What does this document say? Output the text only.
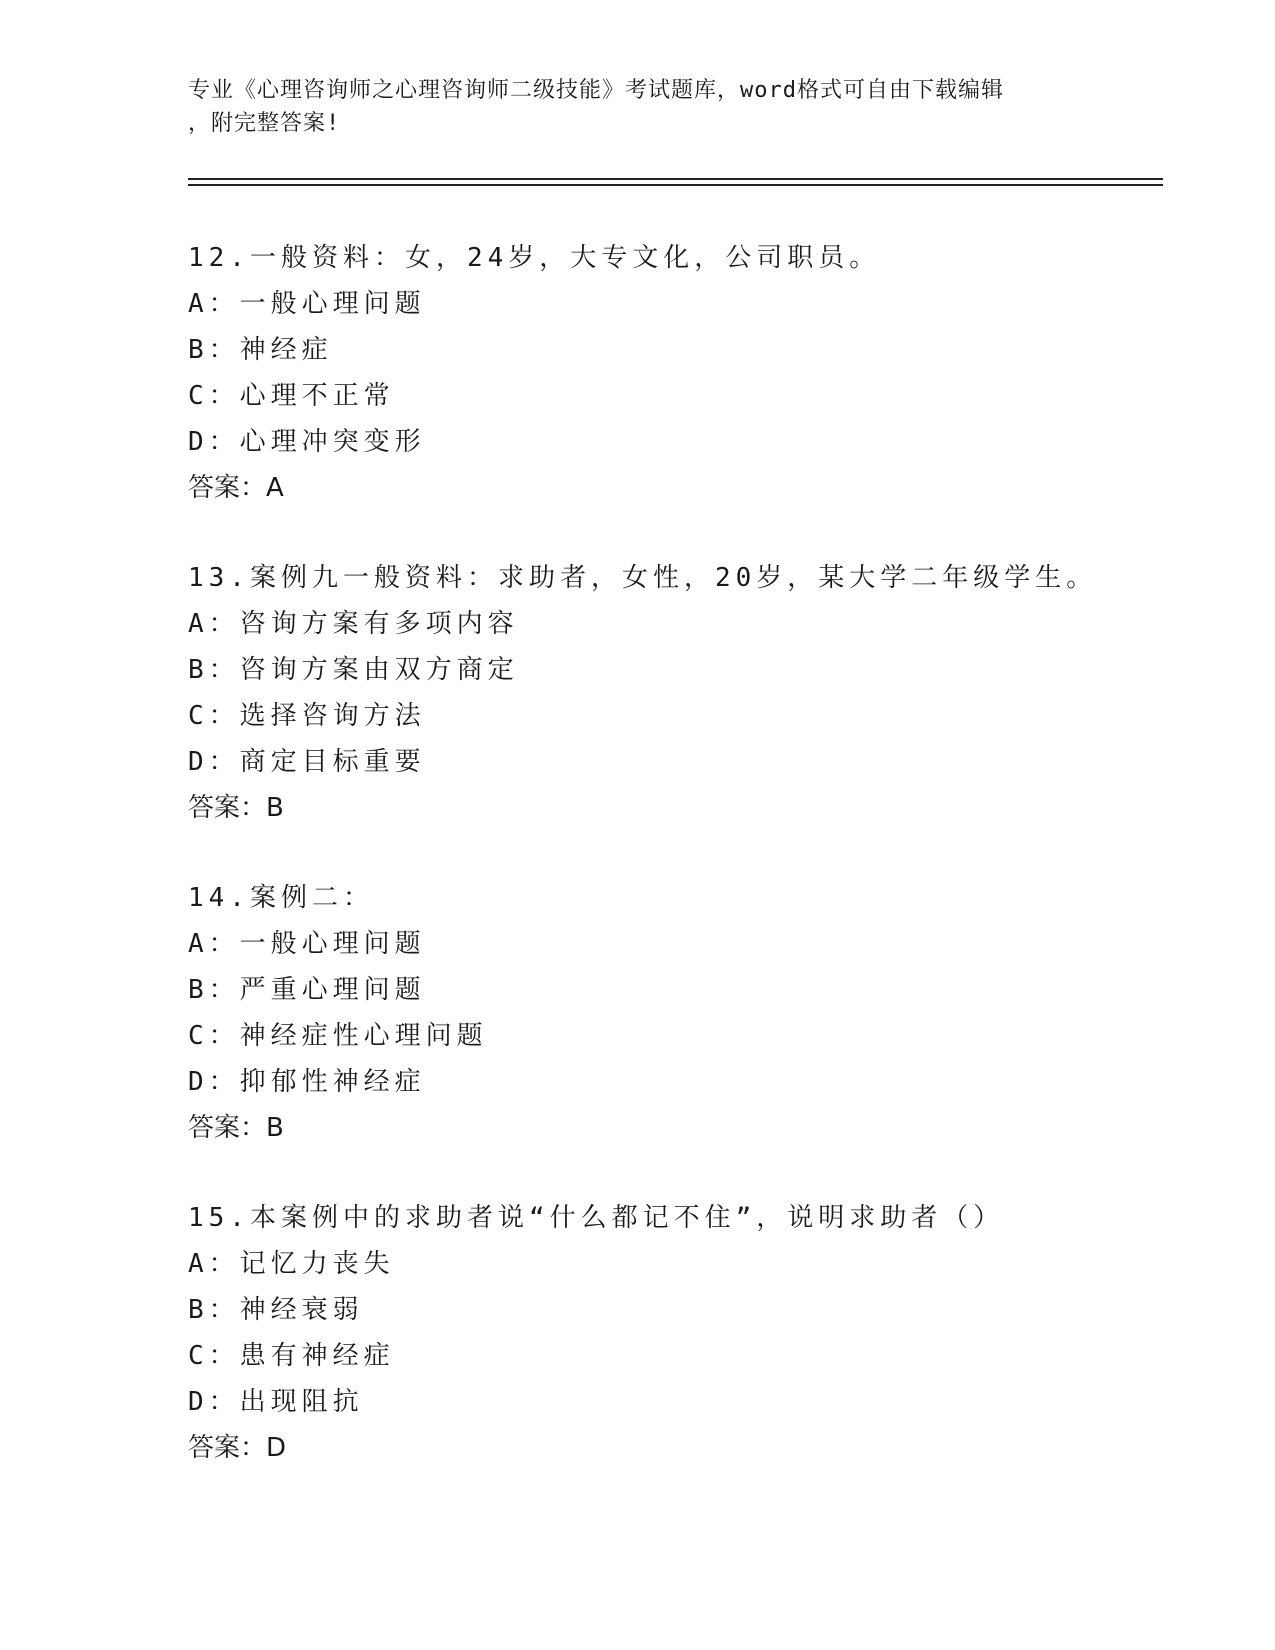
专业《心理咨询师之心理咨询师二级技能》考试题库，word格式可自由下载编辑
，附完整答案!
12.一般资料：女，24岁，大专文化，公司职员。
A：一般心理问题
B：神经症
C：心理不正常
D：心理冲突变形
答案：A
13.案例九一般资料：求助者，女性，20岁，某大学二年级学生。
A：咨询方案有多项内容
B：咨询方案由双方商定
C：选择咨询方法
D：商定目标重要
答案：B
14.案例二：
A：一般心理问题
B：严重心理问题
C：神经症性心理问题
D：抑郁性神经症
答案：B
15.本案例中的求助者说“什么都记不住”，说明求助者（）
A：记忆力丧失
B：神经衰弱
C：患有神经症
D：出现阻抗
答案：D
